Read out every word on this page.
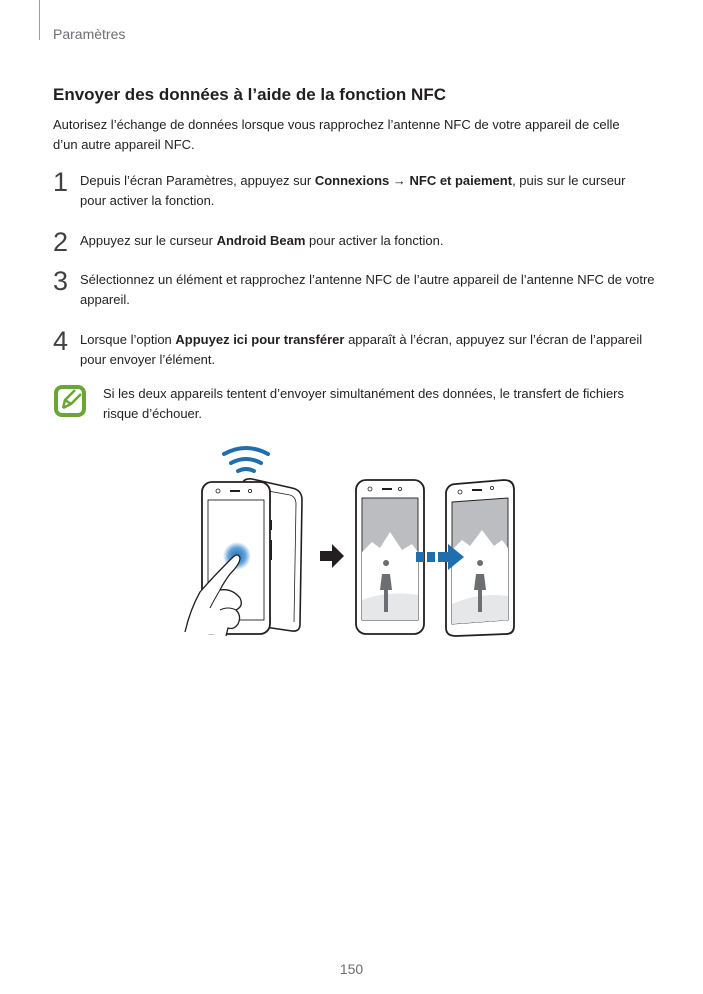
Paramètres
Envoyer des données à l’aide de la fonction NFC
Autorisez l’échange de données lorsque vous rapprochez l’antenne NFC de votre appareil de celle
d’un autre appareil NFC.
1 Depuis l’écran Paramètres, appuyez sur Connexions → NFC et paiement, puis sur le curseur pour activer la fonction.
2 Appuyez sur le curseur Android Beam pour activer la fonction.
3 Sélectionnez un élément et rapprochez l’antenne NFC de l’autre appareil de l’antenne NFC de votre appareil.
4 Lorsque l’option Appuyez ici pour transférer apparaît à l’écran, appuyez sur l’écran de l’appareil pour envoyer l’élément.
Si les deux appareils tentent d’envoyer simultanément des données, le transfert de fichiers risque d’échouer.
150
